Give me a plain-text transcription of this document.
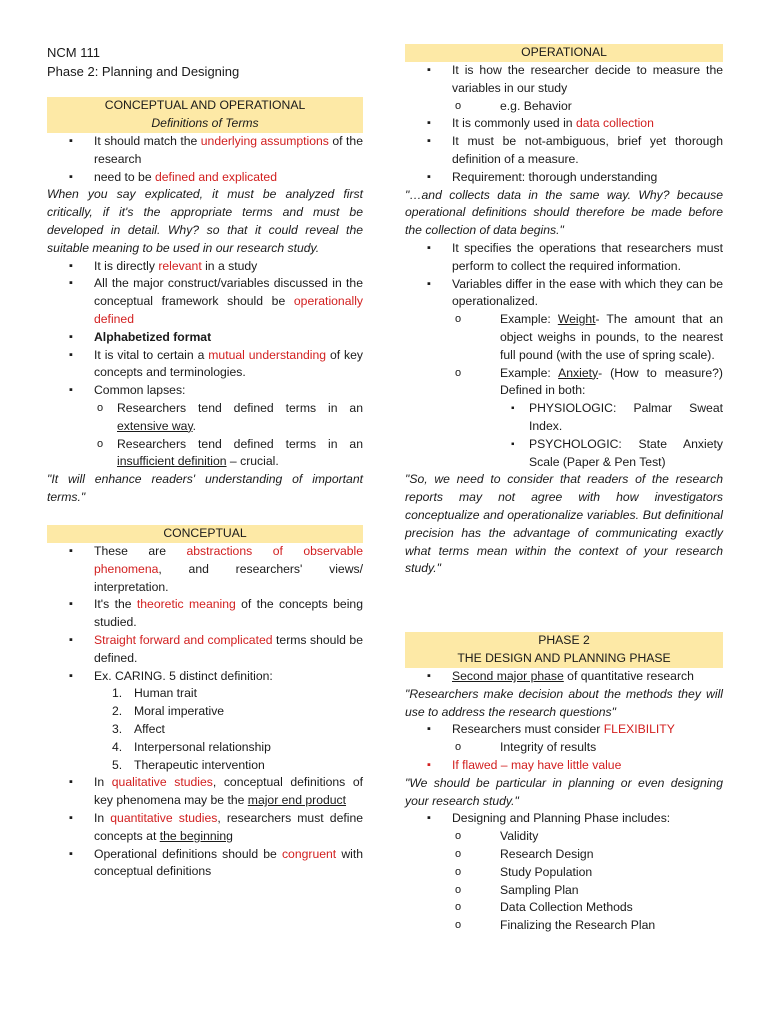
NCM 111
Phase 2: Planning and Designing
CONCEPTUAL AND OPERATIONAL
Definitions of Terms
▪ It should match the underlying assumptions of the research
▪ need to be defined and explicated
When you say explicated, it must be analyzed first critically, if it's the appropriate terms and must be developed in detail. Why? so that it could reveal the suitable meaning to be used in our research study.
▪ It is directly relevant in a study
▪ All the major construct/variables discussed in the conceptual framework should be operationally defined
▪ Alphabetized format
▪ It is vital to certain a mutual understanding of key concepts and terminologies.
▪ Common lapses:
o Researchers tend defined terms in an extensive way.
o Researchers tend defined terms in an insufficient definition – crucial.
"It will enhance readers' understanding of important terms."
CONCEPTUAL
▪ These are abstractions of observable phenomena, and researchers' views/ interpretation.
▪ It's the theoretic meaning of the concepts being studied.
▪ Straight forward and complicated terms should be defined.
▪ Ex. CARING. 5 distinct definition:
1. Human trait
2. Moral imperative
3. Affect
4. Interpersonal relationship
5. Therapeutic intervention
▪ In qualitative studies, conceptual definitions of key phenomena may be the major end product
▪ In quantitative studies, researchers must define concepts at the beginning
▪ Operational definitions should be congruent with conceptual definitions
OPERATIONAL
▪ It is how the researcher decide to measure the variables in our study
o e.g. Behavior
▪ It is commonly used in data collection
▪ It must be not-ambiguous, brief yet thorough definition of a measure.
▪ Requirement: thorough understanding
"…and collects data in the same way. Why? because operational definitions should therefore be made before the collection of data begins."
▪ It specifies the operations that researchers must perform to collect the required information.
▪ Variables differ in the ease with which they can be operationalized.
o Example: Weight- The amount that an object weighs in pounds, to the nearest full pound (with the use of spring scale).
o Example: Anxiety- (How to measure?) Defined in both:
▪ PHYSIOLOGIC: Palmar Sweat Index.
▪ PSYCHOLOGIC: State Anxiety Scale (Paper & Pen Test)
"So, we need to consider that readers of the research reports may not agree with how investigators conceptualize and operationalize variables. But definitional precision has the advantage of communicating exactly what terms mean within the context of your research study."
PHASE 2
THE DESIGN AND PLANNING PHASE
▪ Second major phase of quantitative research
"Researchers make decision about the methods they will use to address the research questions"
▪ Researchers must consider FLEXIBILITY
o Integrity of results
▪ If flawed – may have little value
"We should be particular in planning or even designing your research study."
▪ Designing and Planning Phase includes:
o Validity
o Research Design
o Study Population
o Sampling Plan
o Data Collection Methods
o Finalizing the Research Plan
